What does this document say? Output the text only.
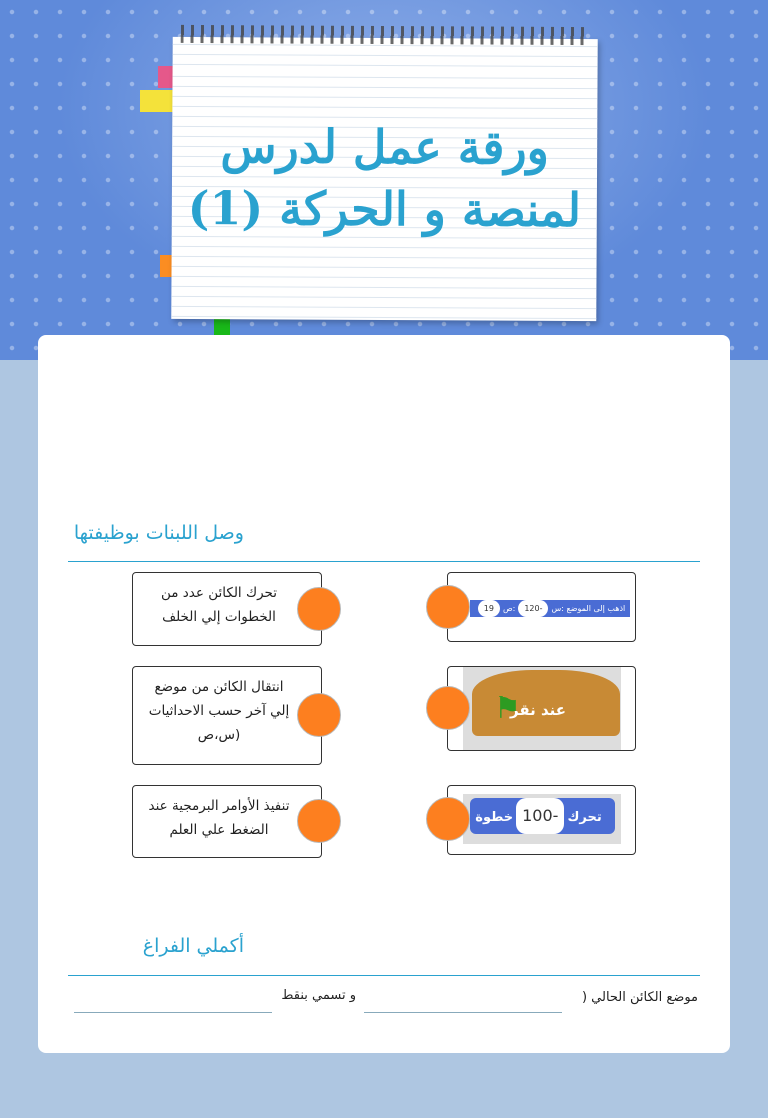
ورقة عمل لدرس
لمنصة و الحركة (1)
وصل اللبنات بوظيفتها
تحرك الكائن عدد من الخطوات إلي الخلف
انتقال الكائن من موضع إلي آخر حسب الاحداثيات (س،ص
تنفيذ الأوامر البرمجية عند الضغط علي العلم
اذهب إلى الموضع :س-120:ص19
عند نقر
⚑
تحرك-100خطوة
أكملي الفراغ
موضع الكائن الحالي (
و تسمي بنقط
